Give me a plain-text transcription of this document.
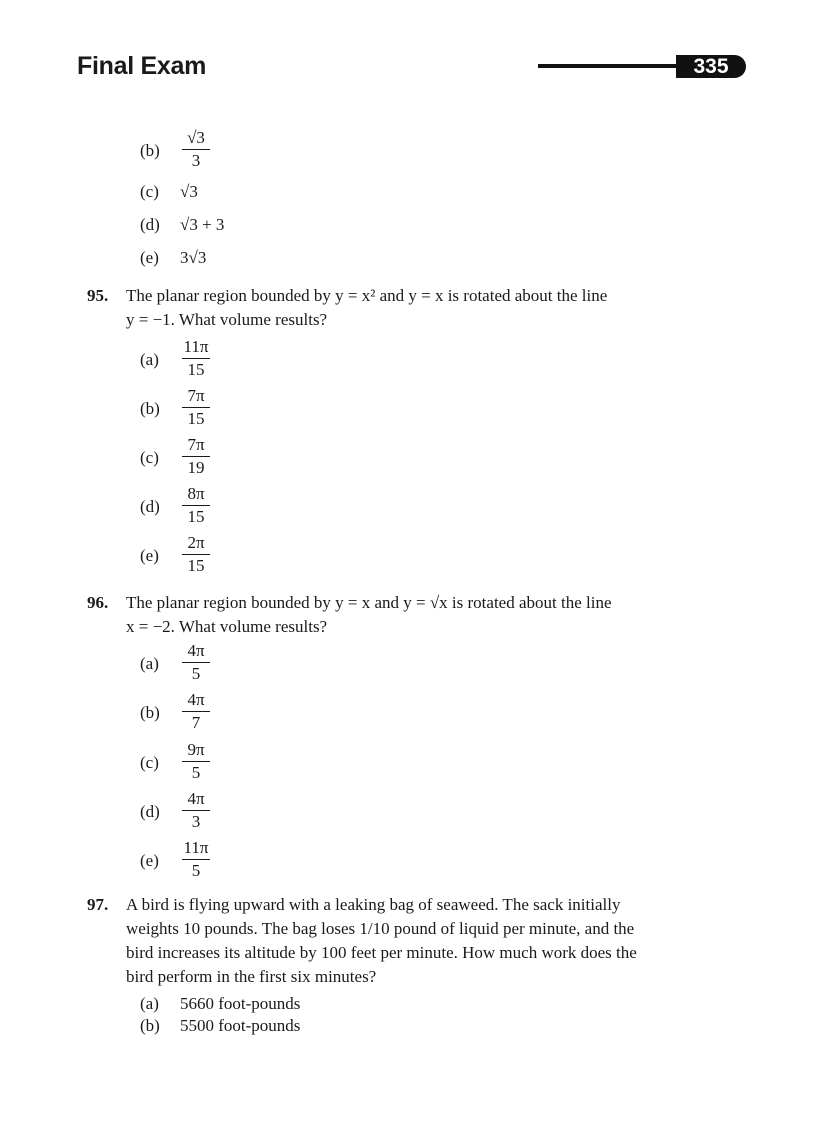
Final Exam	335
(b)
√3
3
(c) √3
(d) √3 + 3
(e) 3√3
95. The planar region bounded by y = x² and y = x is rotated about the line
y = −1. What volume results?
(a)
11π
15
(b)
7π
15
(c)
7π
19
(d)
8π
15
(e)
2π
15
96. The planar region bounded by y = x and y = √x is rotated about the line
x = −2. What volume results?
(a)
4π
5
(b)
4π
7
(c)
9π
5
(d)
4π
3
(e)
11π
5
97. A bird is flying upward with a leaking bag of seaweed. The sack initially
weights 10 pounds. The bag loses 1/10 pound of liquid per minute, and the
bird increases its altitude by 100 feet per minute. How much work does the
bird perform in the first six minutes?
(a) 5660 foot-pounds
(b) 5500 foot-pounds
